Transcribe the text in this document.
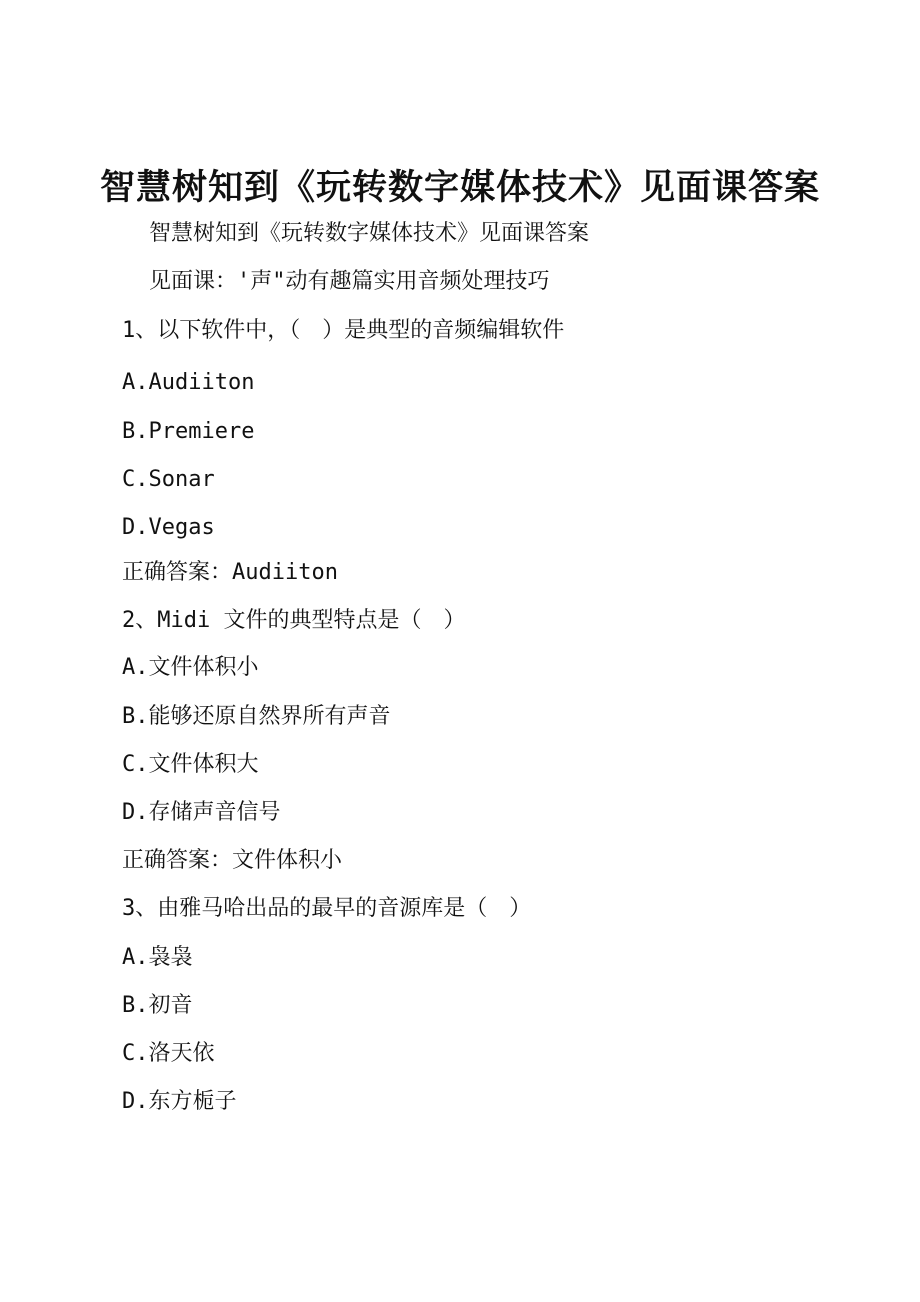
智慧树知到《玩转数字媒体技术》见面课答案
智慧树知到《玩转数字媒体技术》见面课答案
见面课：'声"动有趣篇实用音频处理技巧
1、以下软件中，（　）是典型的音频编辑软件
A.Audiiton
B.Premiere
C.Sonar
D.Vegas
正确答案：Audiiton
2、Midi 文件的典型特点是（　）
A.文件体积小
B.能够还原自然界所有声音
C.文件体积大
D.存储声音信号
正确答案：文件体积小
3、由雅马哈出品的最早的音源库是（　）
A.袅袅
B.初音
C.洛天依
D.东方栀子
